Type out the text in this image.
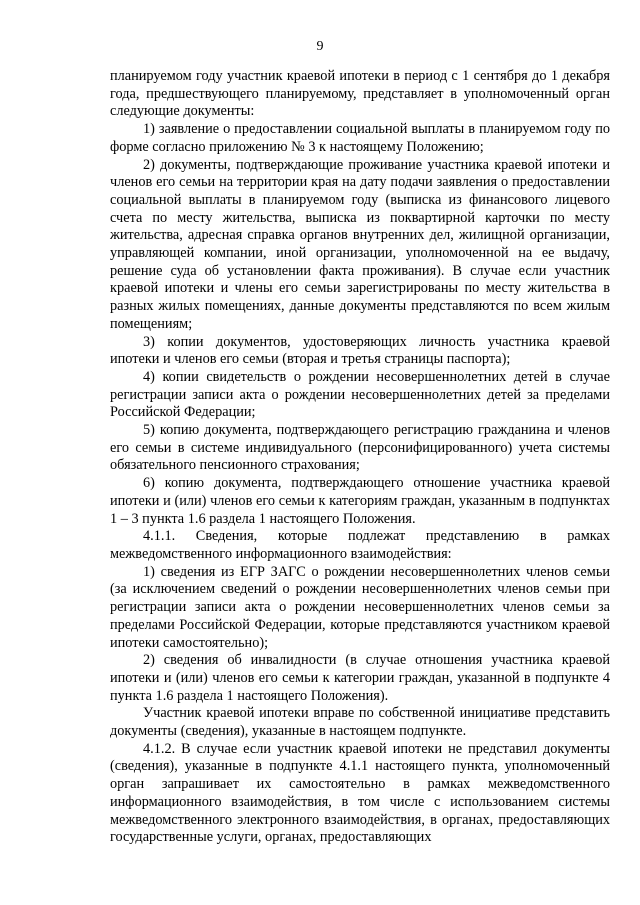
9

планируемом году участник краевой ипотеки в период с 1 сентября до 1 декабря года, предшествующего планируемому, представляет в уполномоченный орган следующие документы:

1) заявление о предоставлении социальной выплаты в планируемом году по форме согласно приложению № 3 к настоящему Положению;

2) документы, подтверждающие проживание участника краевой ипотеки и членов его семьи на территории края на дату подачи заявления о предоставлении социальной выплаты в планируемом году (выписка из финансового лицевого счета по месту жительства, выписка из поквартирной карточки по месту жительства, адресная справка органов внутренних дел, жилищной организации, управляющей компании, иной организации, уполномоченной на ее выдачу, решение суда об установлении факта проживания). В случае если участник краевой ипотеки и члены его семьи зарегистрированы по месту жительства в разных жилых помещениях, данные документы представляются по всем жилым помещениям;

3) копии документов, удостоверяющих личность участника краевой ипотеки и членов его семьи (вторая и третья страницы паспорта);

4) копии свидетельств о рождении несовершеннолетних детей в случае регистрации записи акта о рождении несовершеннолетних детей за пределами Российской Федерации;

5) копию документа, подтверждающего регистрацию гражданина и членов его семьи в системе индивидуального (персонифицированного) учета системы обязательного пенсионного страхования;

6) копию документа, подтверждающего отношение участника краевой ипотеки и (или) членов его семьи к категориям граждан, указанным в подпунктах 1 – 3 пункта 1.6 раздела 1 настоящего Положения.

4.1.1. Сведения, которые подлежат представлению в рамках межведомственного информационного взаимодействия:

1) сведения из ЕГР ЗАГС о рождении несовершеннолетних членов семьи (за исключением сведений о рождении несовершеннолетних членов семьи при регистрации записи акта о рождении несовершеннолетних членов семьи за пределами Российской Федерации, которые представляются участником краевой ипотеки самостоятельно);

2) сведения об инвалидности (в случае отношения участника краевой ипотеки и (или) членов его семьи к категории граждан, указанной в подпункте 4 пункта 1.6 раздела 1 настоящего Положения).

Участник краевой ипотеки вправе по собственной инициативе представить документы (сведения), указанные в настоящем подпункте.

4.1.2. В случае если участник краевой ипотеки не представил документы (сведения), указанные в подпункте 4.1.1 настоящего пункта, уполномоченный орган запрашивает их самостоятельно в рамках межведомственного информационного взаимодействия, в том числе с использованием системы межведомственного электронного взаимодействия, в органах, предоставляющих государственные услуги, органах, предоставляющих
